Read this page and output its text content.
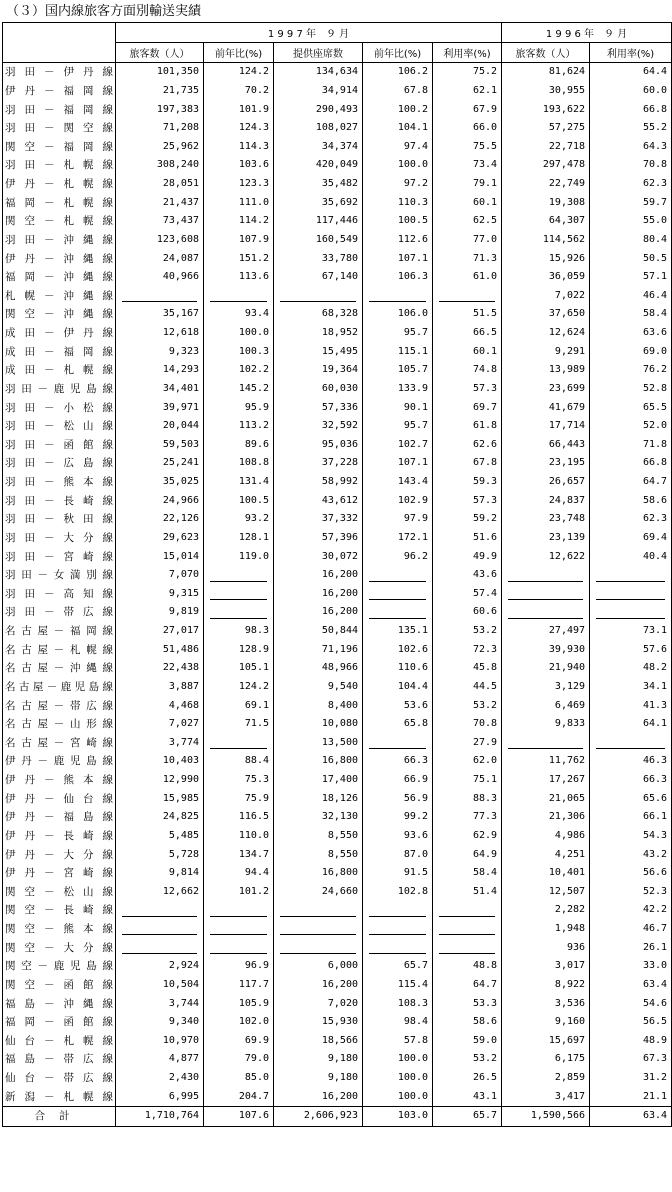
（３）国内線旅客方面別輸送実績
	1 9 9 7 年　９ 月					1 9 9 6 年　９ 月	
	旅客数（人）	前年比(%)	提供座席数	前年比(%)	利用率(%)	旅客数（人）	利用率(%)
羽田－伊丹線	101,350	124.2	134,634	106.2	75.2	81,624	64.4
伊丹－福岡線	21,735	70.2	34,914	67.8	62.1	30,955	60.0
羽田－福岡線	197,383	101.9	290,493	100.2	67.9	193,622	66.8
羽田－関空線	71,208	124.3	108,027	104.1	66.0	57,275	55.2
関空－福岡線	25,962	114.3	34,374	97.4	75.5	22,718	64.3
羽田－札幌線	308,240	103.6	420,049	100.0	73.4	297,478	70.8
伊丹－札幌線	28,051	123.3	35,482	97.2	79.1	22,749	62.3
福岡－札幌線	21,437	111.0	35,692	110.3	60.1	19,308	59.7
関空－札幌線	73,437	114.2	117,446	100.5	62.5	64,307	55.0
羽田－沖縄線	123,608	107.9	160,549	112.6	77.0	114,562	80.4
伊丹－沖縄線	24,087	151.2	33,780	107.1	71.3	15,926	50.5
福岡－沖縄線	40,966	113.6	67,140	106.3	61.0	36,059	57.1
札幌－沖縄線						7,022	46.4
関空－沖縄線	35,167	93.4	68,328	106.0	51.5	37,650	58.4
成田－伊丹線	12,618	100.0	18,952	95.7	66.5	12,624	63.6
成田－福岡線	9,323	100.3	15,495	115.1	60.1	9,291	69.0
成田－札幌線	14,293	102.2	19,364	105.7	74.8	13,989	76.2
羽田－鹿児島線	34,401	145.2	60,030	133.9	57.3	23,699	52.8
羽田－小松線	39,971	95.9	57,336	90.1	69.7	41,679	65.5
羽田－松山線	20,044	113.2	32,592	95.7	61.8	17,714	52.0
羽田－函館線	59,503	89.6	95,036	102.7	62.6	66,443	71.8
羽田－広島線	25,241	108.8	37,228	107.1	67.8	23,195	66.8
羽田－熊本線	35,025	131.4	58,992	143.4	59.3	26,657	64.7
羽田－長崎線	24,966	100.5	43,612	102.9	57.3	24,837	58.6
羽田－秋田線	22,126	93.2	37,332	97.9	59.2	23,748	62.3
羽田－大分線	29,623	128.1	57,396	172.1	51.6	23,139	69.4
羽田－宮崎線	15,014	119.0	30,072	96.2	49.9	12,622	40.4
羽田－女満別線	7,070		16,200		43.6		
羽田－高知線	9,315		16,200		57.4		
羽田－帯広線	9,819		16,200		60.6		
名古屋－福岡線	27,017	98.3	50,844	135.1	53.2	27,497	73.1
名古屋－札幌線	51,486	128.9	71,196	102.6	72.3	39,930	57.6
名古屋－沖縄線	22,438	105.1	48,966	110.6	45.8	21,940	48.2
名古屋－鹿児島線	3,887	124.2	9,540	104.4	44.5	3,129	34.1
名古屋－帯広線	4,468	69.1	8,400	53.6	53.2	6,469	41.3
名古屋－山形線	7,027	71.5	10,080	65.8	70.8	9,833	64.1
名古屋－宮崎線	3,774		13,500		27.9		
伊丹－鹿児島線	10,403	88.4	16,800	66.3	62.0	11,762	46.3
伊丹－熊本線	12,990	75.3	17,400	66.9	75.1	17,267	66.3
伊丹－仙台線	15,985	75.9	18,126	56.9	88.3	21,065	65.6
伊丹－福島線	24,825	116.5	32,130	99.2	77.3	21,306	66.1
伊丹－長崎線	5,485	110.0	8,550	93.6	62.9	4,986	54.3
伊丹－大分線	5,728	134.7	8,550	87.0	64.9	4,251	43.2
伊丹－宮崎線	9,814	94.4	16,800	91.5	58.4	10,401	56.6
関空－松山線	12,662	101.2	24,660	102.8	51.4	12,507	52.3
関空－長崎線						2,282	42.2
関空－熊本線						1,948	46.7
関空－大分線						936	26.1
関空－鹿児島線	2,924	96.9	6,000	65.7	48.8	3,017	33.0
関空－函館線	10,504	117.7	16,200	115.4	64.7	8,922	63.4
福島－沖縄線	3,744	105.9	7,020	108.3	53.3	3,536	54.6
福岡－函館線	9,340	102.0	15,930	98.4	58.6	9,160	56.5
仙台－札幌線	10,970	69.9	18,566	57.8	59.0	15,697	48.9
福島－帯広線	4,877	79.0	9,180	100.0	53.2	6,175	67.3
仙台－帯広線	2,430	85.0	9,180	100.0	26.5	2,859	31.2
新潟－札幌線	6,995	204.7	16,200	100.0	43.1	3,417	21.1
合計	1,710,764	107.6	2,606,923	103.0	65.7	1,590,566	63.4
